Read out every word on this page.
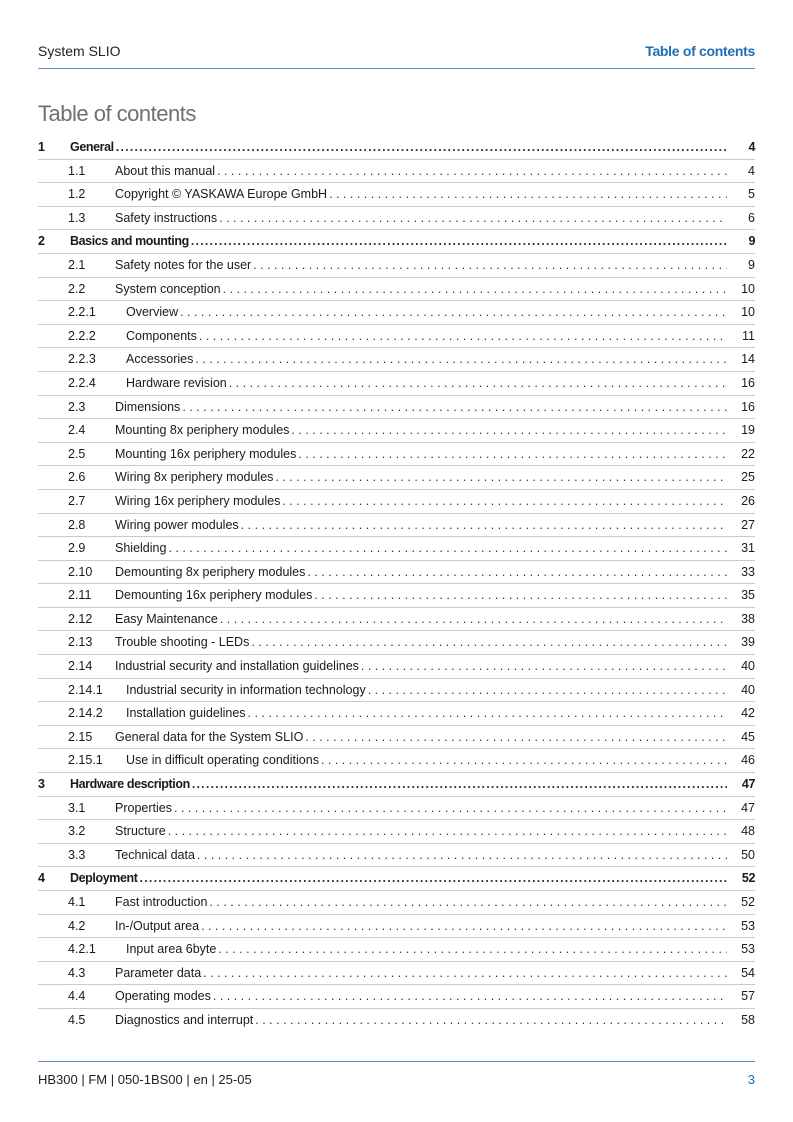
System SLIO	Table of contents
Table of contents
1 General .....	4
1.1 About this manual . . .	4
1.2 Copyright © YASKAWA Europe GmbH . . .	5
1.3 Safety instructions . . .	6
2 Basics and mounting .....	9
2.1 Safety notes for the user . . .	9
2.2 System conception . . .	10
2.2.1 Overview . . .	10
2.2.2 Components . . .	11
2.2.3 Accessories . . .	14
2.2.4 Hardware revision . . .	16
2.3 Dimensions . . .	16
2.4 Mounting 8x periphery modules . . .	19
2.5 Mounting 16x periphery modules . . .	22
2.6 Wiring 8x periphery modules . . .	25
2.7 Wiring 16x periphery modules . . .	26
2.8 Wiring power modules . . .	27
2.9 Shielding . . .	31
2.10 Demounting 8x periphery modules . . .	33
2.11 Demounting 16x periphery modules . . .	35
2.12 Easy Maintenance . . .	38
2.13 Trouble shooting - LEDs . . .	39
2.14 Industrial security and installation guidelines . . .	40
2.14.1 Industrial security in information technology . . .	40
2.14.2 Installation guidelines . . .	42
2.15 General data for the System SLIO . . .	45
2.15.1 Use in difficult operating conditions . . .	46
3 Hardware description .....	47
3.1 Properties . . .	47
3.2 Structure . . .	48
3.3 Technical data . . .	50
4 Deployment .....	52
4.1 Fast introduction . . .	52
4.2 In-/Output area . . .	53
4.2.1 Input area 6byte . . .	53
4.3 Parameter data . . .	54
4.4 Operating modes . . .	57
4.5 Diagnostics and interrupt . . .	58
HB300 | FM | 050-1BS00 | en | 25-05	3
